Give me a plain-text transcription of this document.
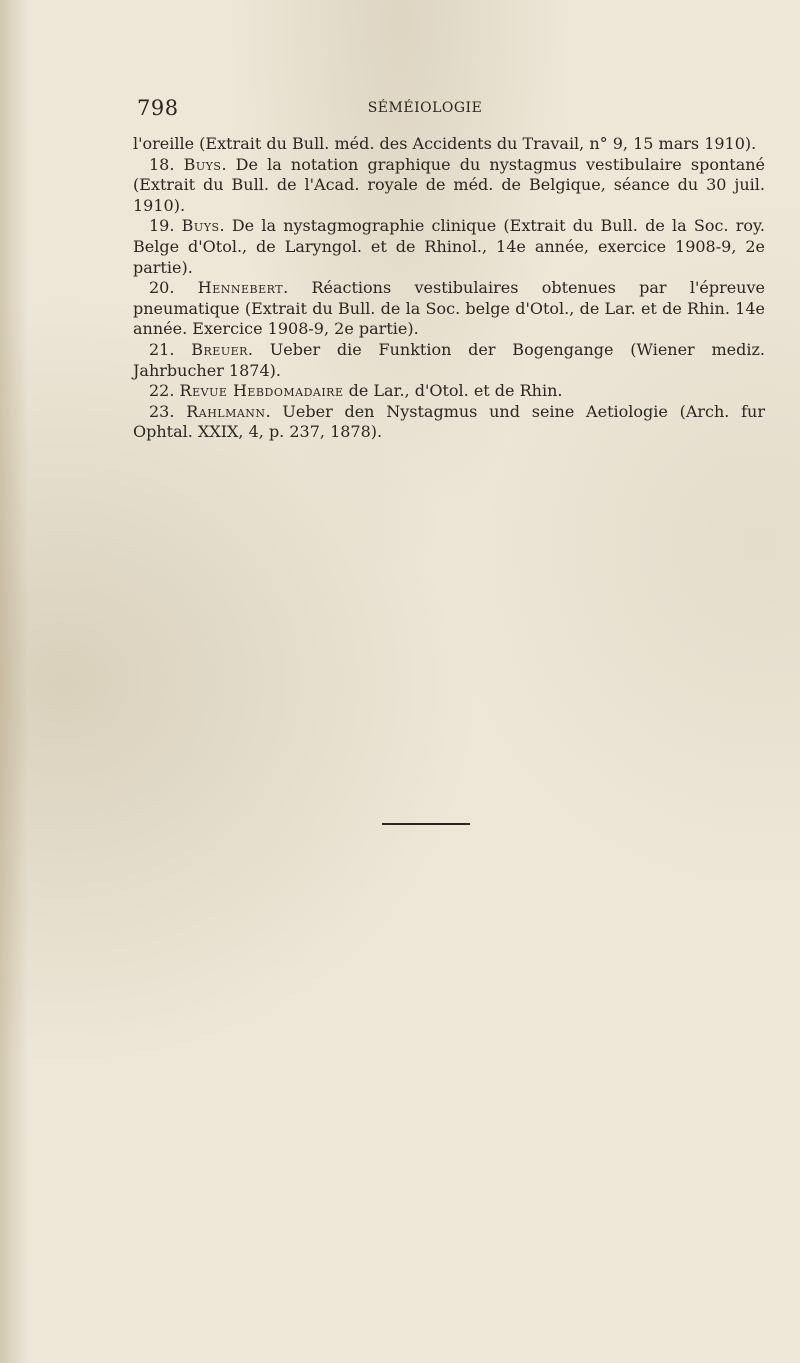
798	SÉMÉIOLOGIE

l'oreille (Extrait du Bull. méd. des Accidents du Travail, n° 9, 15 mars 1910).

18. Buys. De la notation graphique du nystagmus vestibulaire spontané (Extrait du Bull. de l'Acad. royale de méd. de Belgique, séance du 30 juil. 1910).

19. Buys. De la nystagmographie clinique (Extrait du Bull. de la Soc. roy. Belge d'Otol., de Laryngol. et de Rhinol., 14e année, exercice 1908-9, 2e partie).

20. Hennebert. Réactions vestibulaires obtenues par l'épreuve pneumatique (Extrait du Bull. de la Soc. belge d'Otol., de Lar. et de Rhin. 14e année. Exercice 1908-9, 2e partie).

21. Breuer. Ueber die Funktion der Bogengange (Wiener mediz. Jahrbucher 1874).

22. Revue Hebdomadaire de Lar., d'Otol. et de Rhin.

23. Rahlmann. Ueber den Nystagmus und seine Aetiologie (Arch. fur Ophtal. XXIX, 4, p. 237, 1878).
